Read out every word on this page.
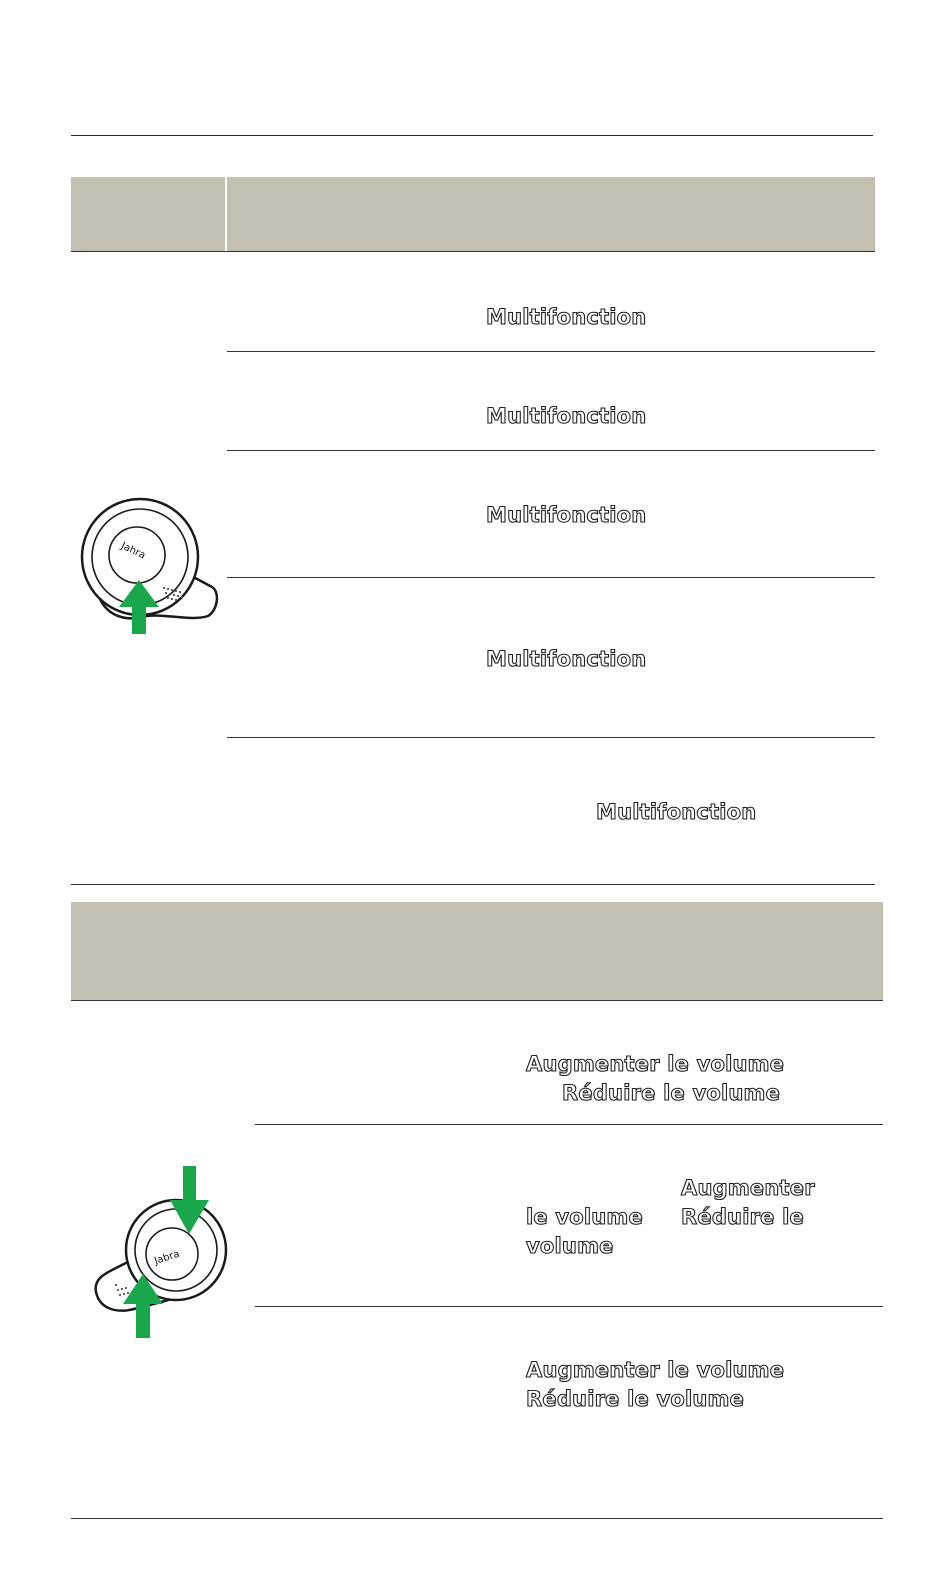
Multifonction
Multifonction
Multifonction
Multifonction
Multifonction
Jahra
Augmenter le volume
Réduire le volume
Augmenter
le volume Réduire le
volume
Augmenter le volume
Réduire le volume
Jabra
